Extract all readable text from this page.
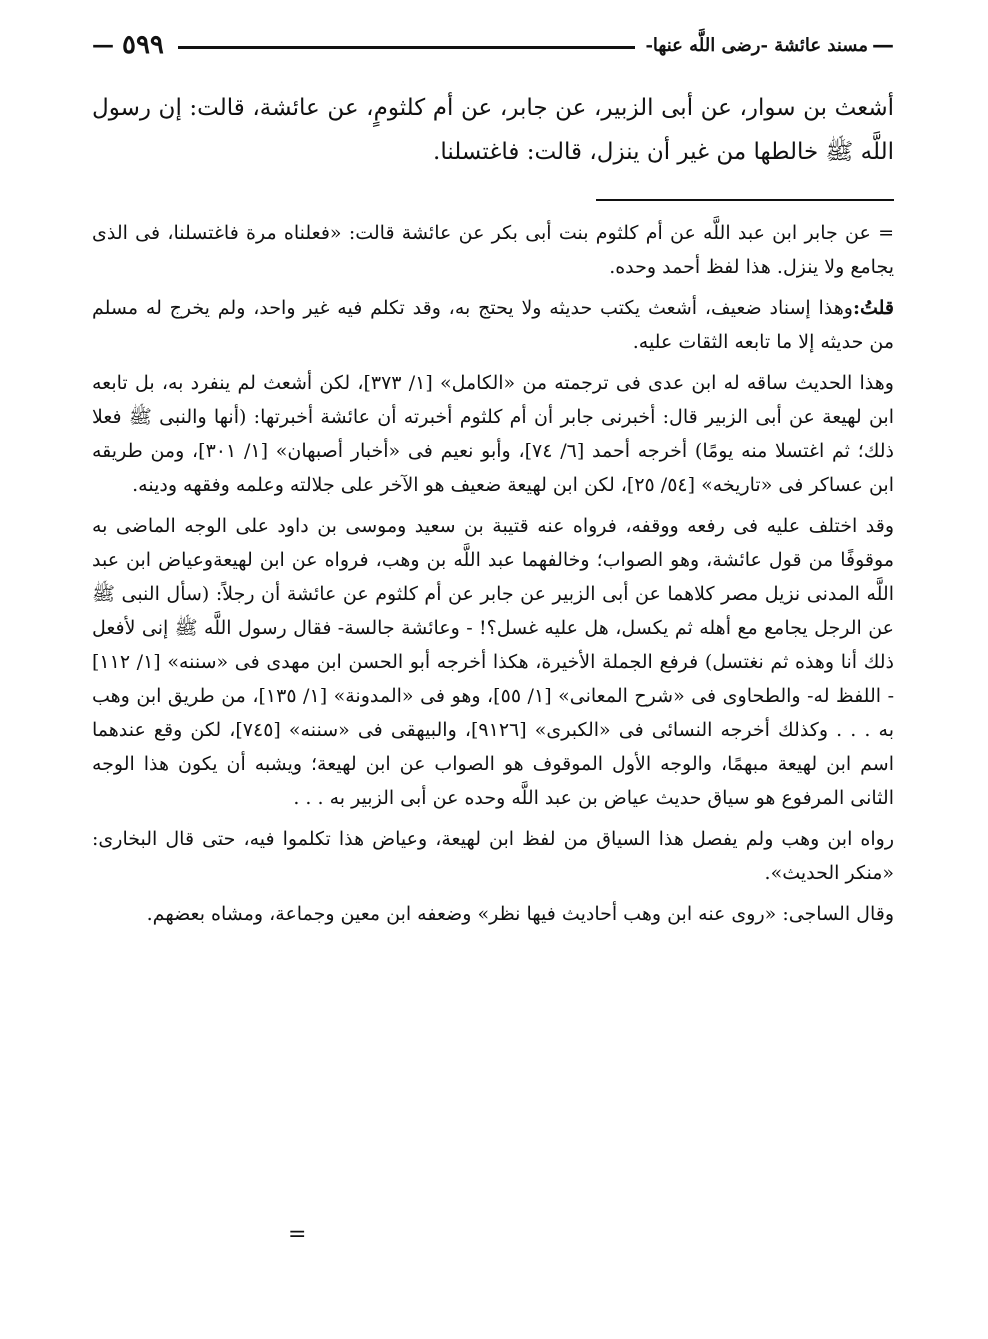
— ٥٩٩	مسند عائشة -رضى اللَّه عنها- —

أشعث بن سوار، عن أبى الزبير، عن جابر، عن أم كلثومٍ، عن عائشة، قالت: إن رسول اللَّه ﷺ خالطها من غير أن ينزل، قالت: فاغتسلنا.

= عن جابر ابن عبد اللَّه عن أم كلثوم بنت أبى بكر عن عائشة قالت: «فعلناه مرة فاغتسلنا، فى الذى يجامع ولا ينزل. هذا لفظ أحمد وحده.

قلتُ:وهذا إسناد ضعيف، أشعث يكتب حديثه ولا يحتج به، وقد تكلم فيه غير واحد، ولم يخرج له مسلم من حديثه إلا ما تابعه الثقات عليه.

وهذا الحديث ساقه له ابن عدى فى ترجمته من «الكامل» [١/ ٣٧٣]، لكن أشعث لم ينفرد به، بل تابعه ابن لهيعة عن أبى الزبير قال: أخبرنى جابر أن أم كلثوم أخبرته أن عائشة أخبرتها: (أنها والنبى ﷺ فعلا ذلك؛ ثم اغتسلا منه يومًا) أخرجه أحمد [٦/ ٧٤]، وأبو نعيم فى «أخبار أصبهان» [١/ ٣٠١]، ومن طريقه ابن عساكر فى «تاريخه» [٥٤/ ٢٥]، لكن ابن لهيعة ضعيف هو الآخر على جلالته وعلمه وفقهه ودينه.

وقد اختلف عليه فى رفعه ووقفه، فرواه عنه قتيبة بن سعيد وموسى بن داود على الوجه الماضى به موقوفًا من قول عائشة، وهو الصواب؛ وخالفهما عبد اللَّه بن وهب، فرواه عن ابن لهيعةوعياض ابن عبد اللَّه المدنى نزيل مصر كلاهما عن أبى الزبير عن جابر عن أم كلثوم عن عائشة أن رجلاً: (سأل النبى ﷺ عن الرجل يجامع مع أهله ثم يكسل، هل عليه غسل؟! - وعائشة جالسة- فقال رسول اللَّه ﷺ إنى لأفعل ذلك أنا وهذه ثم نغتسل) فرفع الجملة الأخيرة، هكذا أخرجه أبو الحسن ابن مهدى فى «سننه» [١/ ١١٢] - اللفظ له- والطحاوى فى «شرح المعانى» [١/ ٥٥]، وهو فى «المدونة» [١/ ١٣٥]، من طريق ابن وهب به . . . وكذلك أخرجه النسائى فى «الكبرى» [٩١٢٦]، والبيهقى فى «سننه» [٧٤٥]، لكن وقع عندهما اسم ابن لهيعة مبهمًا، والوجه الأول الموقوف هو الصواب عن ابن لهيعة؛ ويشبه أن يكون هذا الوجه الثانى المرفوع هو سياق حديث عياض بن عبد اللَّه وحده عن أبى الزبير به . . .

رواه ابن وهب ولم يفصل هذا السياق من لفظ ابن لهيعة، وعياض هذا تكلموا فيه، حتى قال البخارى: «منكر الحديث».

وقال الساجى: «روى عنه ابن وهب أحاديث فيها نظر» وضعفه ابن معين وجماعة، ومشاه بعضهم.

=
